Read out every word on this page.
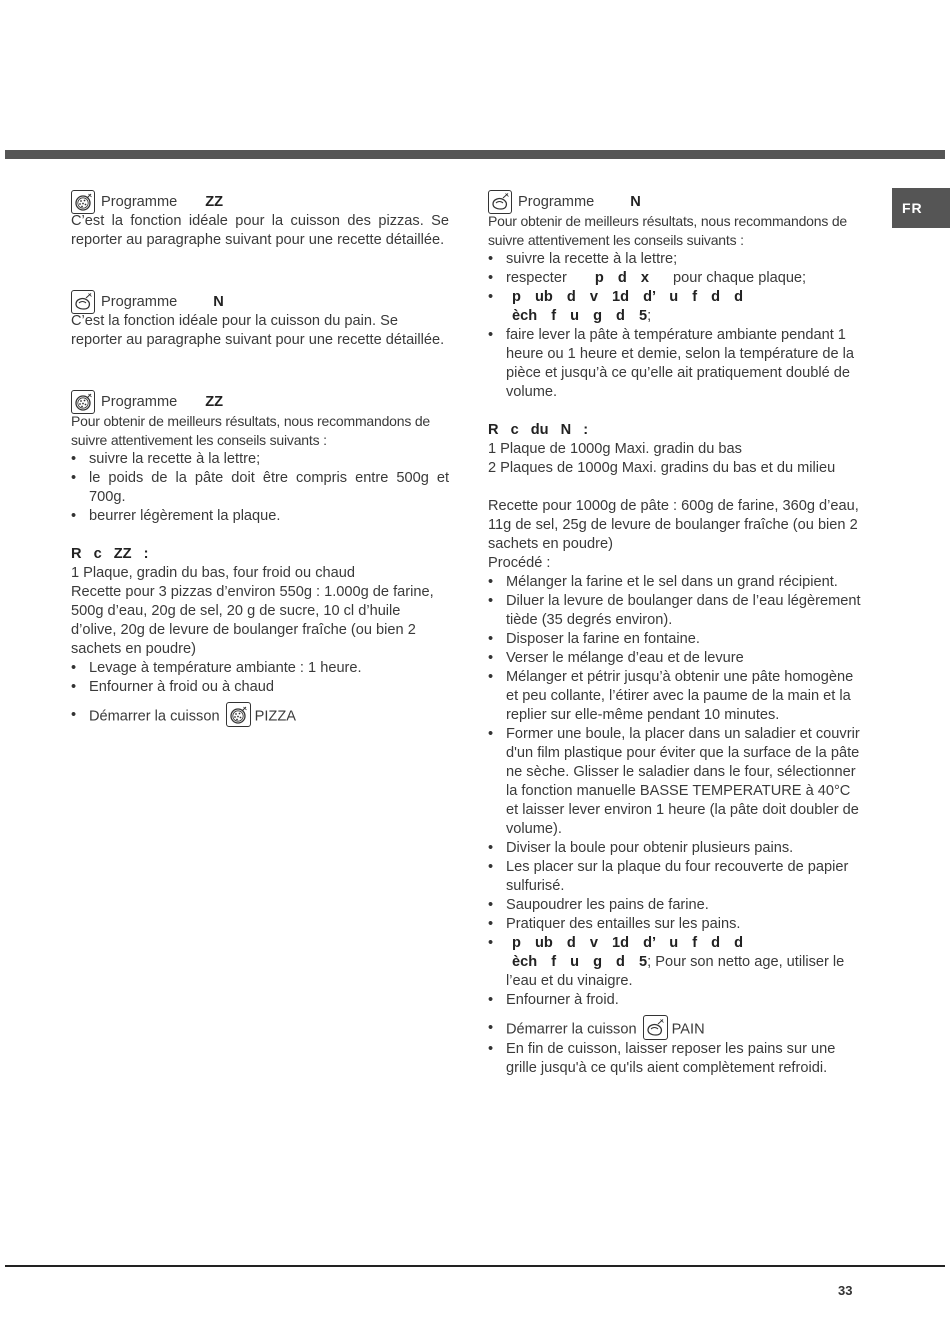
FR
Programme ZZ

C’est la fonction idéale pour la cuisson des pizzas. Se reporter au paragraphe suivant pour une recette détaillée.

Programme N

C’est la fonction idéale pour la cuisson du pain. Se reporter au paragraphe suivant pour une recette détaillée.

Programme ZZ

Pour obtenir de meilleurs résultats, nous recommandons de suivre attentivement les conseils suivants :

• suivre la recette à la lettre;
• le poids de la pâte doit être compris entre 500g et 700g.
• beurrer légèrement la plaque.

R c ZZ :

1 Plaque, gradin du bas, four froid ou chaud

Recette pour 3 pizzas d’environ 550g : 1.000g de farine, 500g d’eau, 20g de sel, 20 g de sucre, 10 cl d’huile d’olive, 20g de levure de boulanger fraîche (ou bien 2 sachets en poudre)

• Levage à température ambiante : 1 heure.
• Enfourner à froid ou à chaud
• Démarrer la cuisson PIZZA
Programme N

Pour obtenir de meilleurs résultats, nous recommandons de suivre attentivement les conseils suivants :

• suivre la recette à la lettre;
• respecter p d x pour chaque plaque;
• p ub d v 1d d’ u f d d
èch f u g d 5;
• faire lever la pâte à température ambiante pendant 1 heure ou 1 heure et demie, selon la température de la pièce et jusqu’à ce qu’elle ait pratiquement doublé de volume.

R c du N :

1 Plaque de 1000g Maxi. gradin du bas

2 Plaques de 1000g Maxi. gradins du bas et du milieu

Recette pour 1000g de pâte : 600g de farine, 360g d’eau, 11g de sel, 25g de levure de boulanger fraîche (ou bien 2 sachets en poudre)

Procédé :

• Mélanger la farine et le sel dans un grand récipient.
• Diluer la levure de boulanger dans de l’eau légèrement tiède (35 degrés environ).
• Disposer la farine en fontaine.
• Verser le mélange d’eau et de levure
• Mélanger et pétrir jusqu’à obtenir une pâte homogène et peu collante, l’étirer avec la paume de la main et la replier sur elle-même pendant 10 minutes.
• Former une boule, la placer dans un saladier et couvrir d'un film plastique pour éviter que la surface de la pâte ne sèche. Glisser le saladier dans le four, sélectionner la fonction manuelle BASSE TEMPERATURE à 40°C et laisser lever environ 1 heure (la pâte doit doubler de volume).
• Diviser la boule pour obtenir plusieurs pains.
• Les placer sur la plaque du four recouverte de papier sulfurisé.
• Saupoudrer les pains de farine.
• Pratiquer des entailles sur les pains.
• p ub d v 1d d’ u f d d
èch f u g d 5; Pour son netto age, utiliser le l’eau et du vinaigre.
• Enfourner à froid.
• Démarrer la cuisson PAIN
• En fin de cuisson, laisser reposer les pains sur une grille jusqu'à ce qu'ils aient complètement refroidi.
33
